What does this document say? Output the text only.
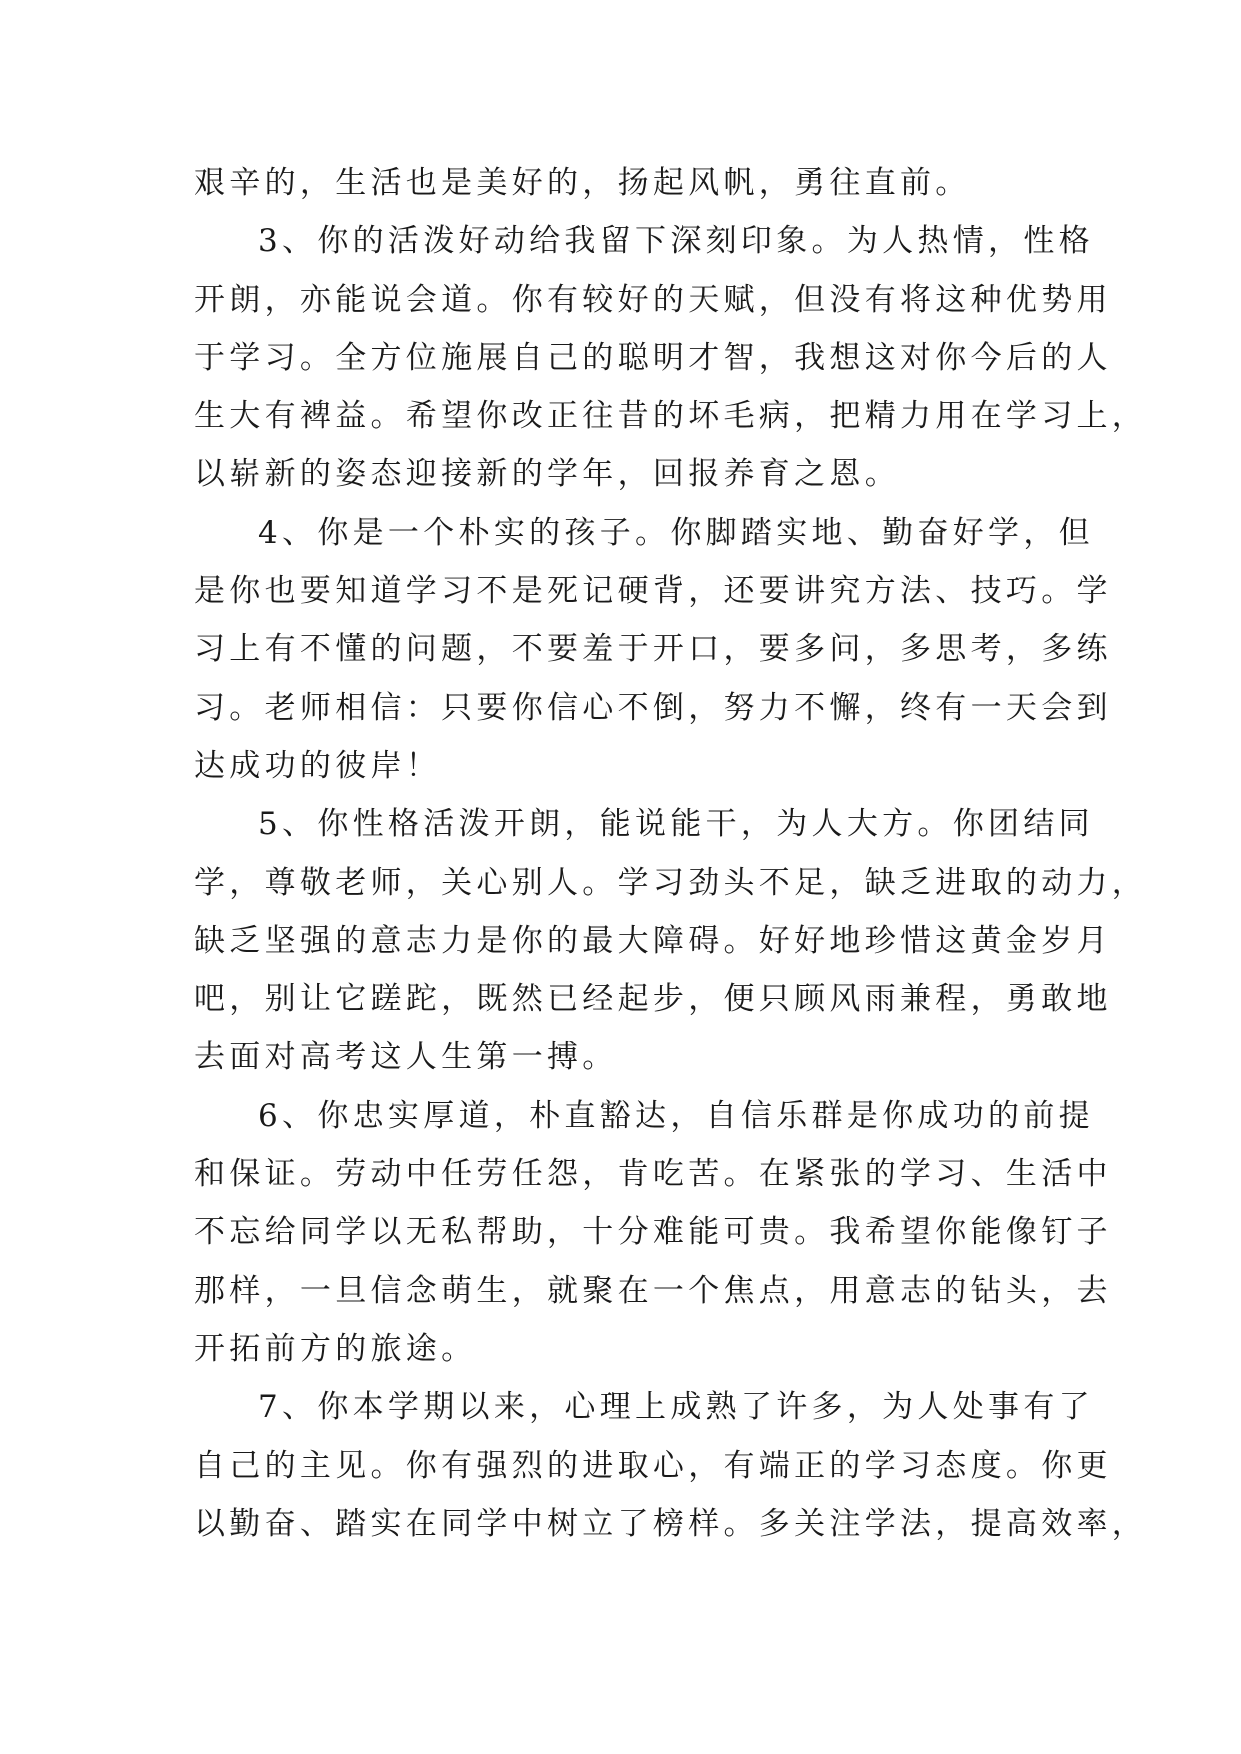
艰辛的，生活也是美好的，扬起风帆，勇往直前。
3、你的活泼好动给我留下深刻印象。为人热情，性格
开朗，亦能说会道。你有较好的天赋，但没有将这种优势用
于学习。全方位施展自己的聪明才智，我想这对你今后的人
生大有裨益。希望你改正往昔的坏毛病，把精力用在学习上，
以崭新的姿态迎接新的学年，回报养育之恩。
4、你是一个朴实的孩子。你脚踏实地、勤奋好学，但
是你也要知道学习不是死记硬背，还要讲究方法、技巧。学
习上有不懂的问题，不要羞于开口，要多问，多思考，多练
习。老师相信：只要你信心不倒，努力不懈，终有一天会到
达成功的彼岸！
5、你性格活泼开朗，能说能干，为人大方。你团结同
学，尊敬老师，关心别人。学习劲头不足，缺乏进取的动力，
缺乏坚强的意志力是你的最大障碍。好好地珍惜这黄金岁月
吧，别让它蹉跎，既然已经起步，便只顾风雨兼程，勇敢地
去面对高考这人生第一搏。
6、你忠实厚道，朴直豁达，自信乐群是你成功的前提
和保证。劳动中任劳任怨，肯吃苦。在紧张的学习、生活中
不忘给同学以无私帮助，十分难能可贵。我希望你能像钉子
那样，一旦信念萌生，就聚在一个焦点，用意志的钻头，去
开拓前方的旅途。
7、你本学期以来，心理上成熟了许多，为人处事有了
自己的主见。你有强烈的进取心，有端正的学习态度。你更
以勤奋、踏实在同学中树立了榜样。多关注学法，提高效率，
